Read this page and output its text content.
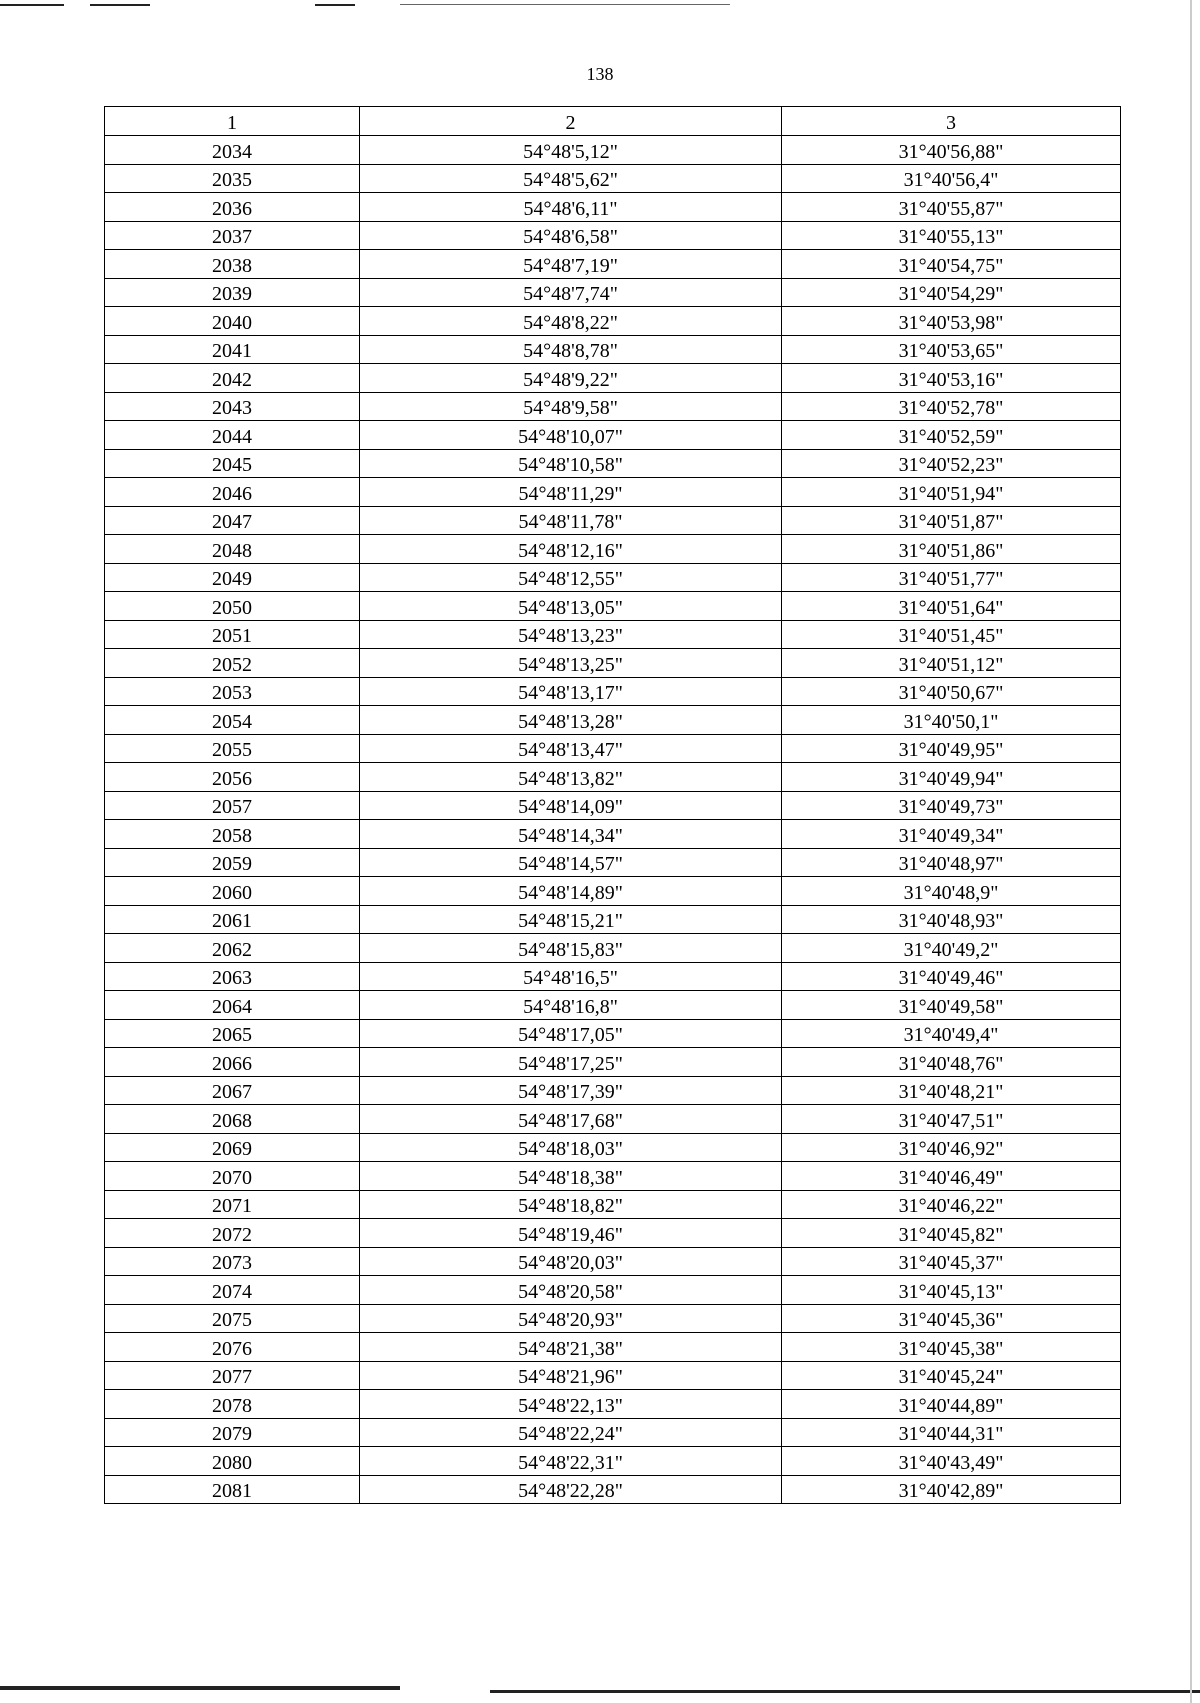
138
1	2	3
2034	54°48'5,12"	31°40'56,88"
2035	54°48'5,62"	31°40'56,4"
2036	54°48'6,11"	31°40'55,87"
2037	54°48'6,58"	31°40'55,13"
2038	54°48'7,19"	31°40'54,75"
2039	54°48'7,74"	31°40'54,29"
2040	54°48'8,22"	31°40'53,98"
2041	54°48'8,78"	31°40'53,65"
2042	54°48'9,22"	31°40'53,16"
2043	54°48'9,58"	31°40'52,78"
2044	54°48'10,07"	31°40'52,59"
2045	54°48'10,58"	31°40'52,23"
2046	54°48'11,29"	31°40'51,94"
2047	54°48'11,78"	31°40'51,87"
2048	54°48'12,16"	31°40'51,86"
2049	54°48'12,55"	31°40'51,77"
2050	54°48'13,05"	31°40'51,64"
2051	54°48'13,23"	31°40'51,45"
2052	54°48'13,25"	31°40'51,12"
2053	54°48'13,17"	31°40'50,67"
2054	54°48'13,28"	31°40'50,1"
2055	54°48'13,47"	31°40'49,95"
2056	54°48'13,82"	31°40'49,94"
2057	54°48'14,09"	31°40'49,73"
2058	54°48'14,34"	31°40'49,34"
2059	54°48'14,57"	31°40'48,97"
2060	54°48'14,89"	31°40'48,9"
2061	54°48'15,21"	31°40'48,93"
2062	54°48'15,83"	31°40'49,2"
2063	54°48'16,5"	31°40'49,46"
2064	54°48'16,8"	31°40'49,58"
2065	54°48'17,05"	31°40'49,4"
2066	54°48'17,25"	31°40'48,76"
2067	54°48'17,39"	31°40'48,21"
2068	54°48'17,68"	31°40'47,51"
2069	54°48'18,03"	31°40'46,92"
2070	54°48'18,38"	31°40'46,49"
2071	54°48'18,82"	31°40'46,22"
2072	54°48'19,46"	31°40'45,82"
2073	54°48'20,03"	31°40'45,37"
2074	54°48'20,58"	31°40'45,13"
2075	54°48'20,93"	31°40'45,36"
2076	54°48'21,38"	31°40'45,38"
2077	54°48'21,96"	31°40'45,24"
2078	54°48'22,13"	31°40'44,89"
2079	54°48'22,24"	31°40'44,31"
2080	54°48'22,31"	31°40'43,49"
2081	54°48'22,28"	31°40'42,89"
